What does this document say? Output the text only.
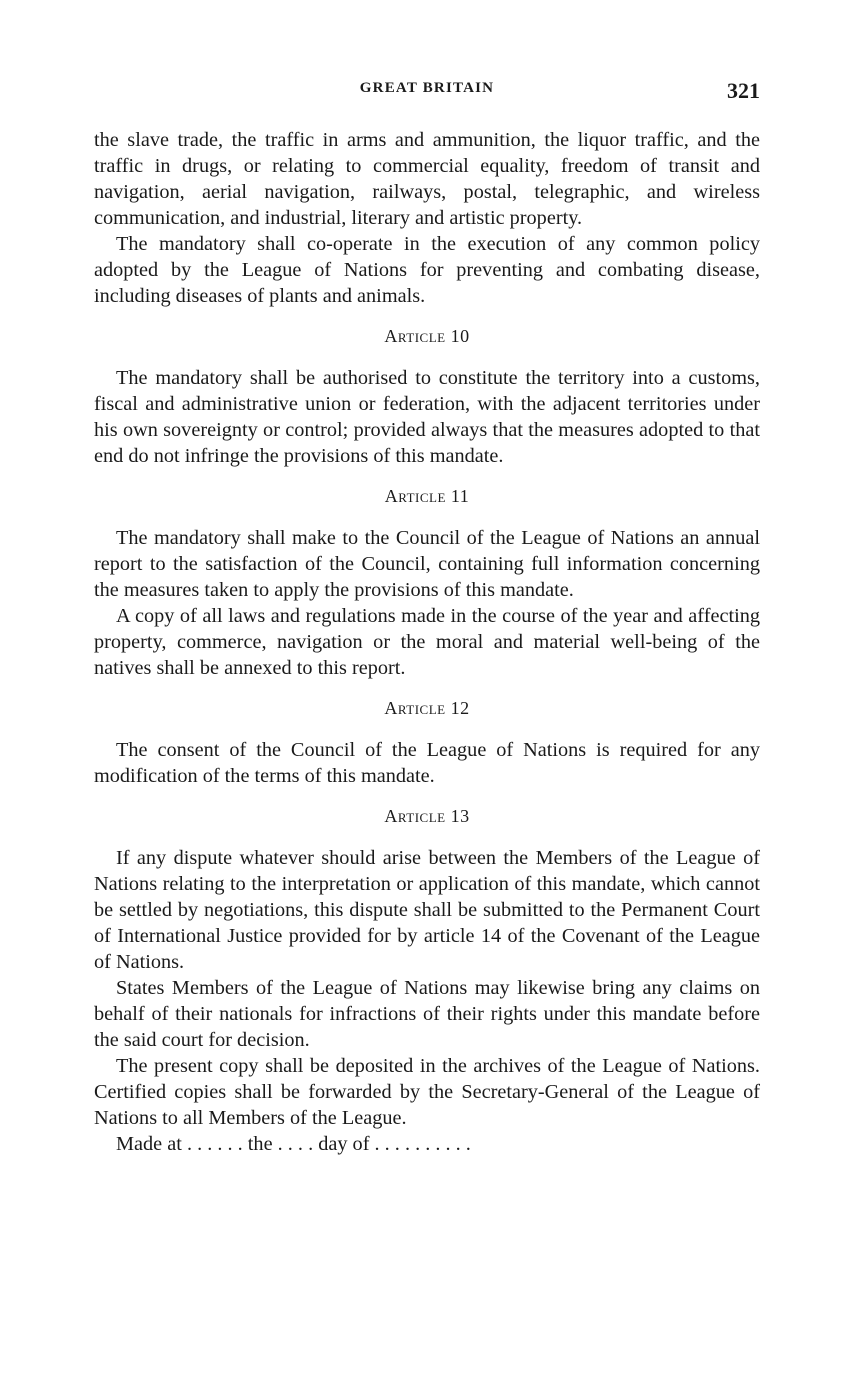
GREAT BRITAIN	321

the slave trade, the traffic in arms and ammunition, the liquor traffic, and the traffic in drugs, or relating to commercial equality, freedom of transit and navigation, aerial navigation, railways, postal, telegraphic, and wireless communication, and industrial, literary and artistic property.

The mandatory shall co-operate in the execution of any common policy adopted by the League of Nations for preventing and combating disease, including diseases of plants and animals.

Article 10

The mandatory shall be authorised to constitute the territory into a customs, fiscal and administrative union or federation, with the adjacent territories under his own sovereignty or control; provided always that the measures adopted to that end do not infringe the provisions of this mandate.

Article 11

The mandatory shall make to the Council of the League of Nations an annual report to the satisfaction of the Council, containing full information concerning the measures taken to apply the provisions of this mandate.

A copy of all laws and regulations made in the course of the year and affecting property, commerce, navigation or the moral and material well-being of the natives shall be annexed to this report.

Article 12

The consent of the Council of the League of Nations is required for any modification of the terms of this mandate.

Article 13

If any dispute whatever should arise between the Members of the League of Nations relating to the interpretation or application of this mandate, which cannot be settled by negotiations, this dispute shall be submitted to the Permanent Court of International Justice provided for by article 14 of the Covenant of the League of Nations.

States Members of the League of Nations may likewise bring any claims on behalf of their nationals for infractions of their rights under this mandate before the said court for decision.

The present copy shall be deposited in the archives of the League of Nations. Certified copies shall be forwarded by the Secretary-General of the League of Nations to all Members of the League.

Made at . . . . . . the . . . . day of . . . . . . . . . .
